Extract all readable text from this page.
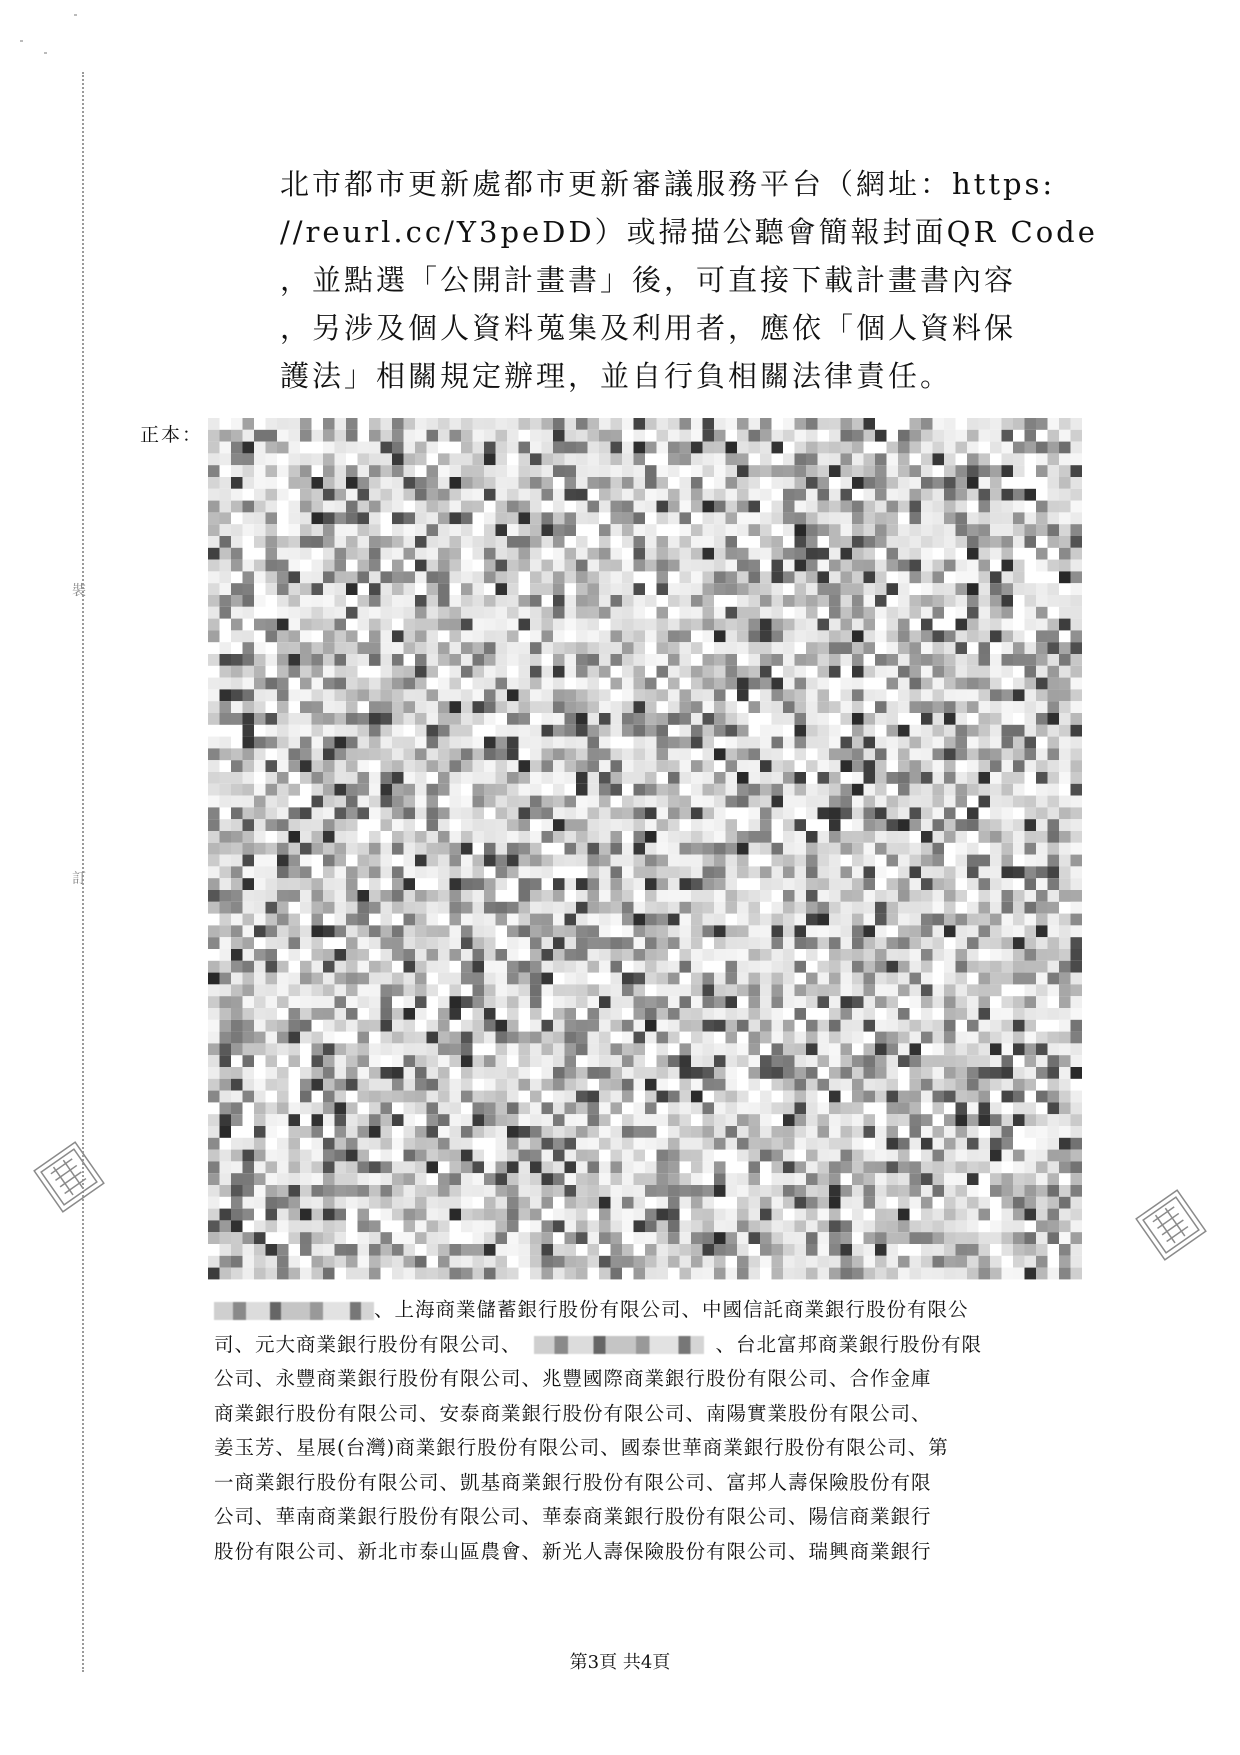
裝
訂
北市都市更新處都市更新審議服務平台（網址：https:
//reurl.cc/Y3peDD）或掃描公聽會簡報封面QR Code
，並點選「公開計畫書」後，可直接下載計畫書內容
，另涉及個人資料蒐集及利用者，應依「個人資料保
護法」相關規定辦理，並自行負相關法律責任。
正本：
、上海商業儲蓄銀行股份有限公司、中國信託商業銀行股份有限公
司、元大商業銀行股份有限公司、	、台北富邦商業銀行股份有限
公司、永豐商業銀行股份有限公司、兆豐國際商業銀行股份有限公司、合作金庫
商業銀行股份有限公司、安泰商業銀行股份有限公司、南陽實業股份有限公司、
姜玉芳、星展(台灣)商業銀行股份有限公司、國泰世華商業銀行股份有限公司、第
一商業銀行股份有限公司、凱基商業銀行股份有限公司、富邦人壽保險股份有限
公司、華南商業銀行股份有限公司、華泰商業銀行股份有限公司、陽信商業銀行
股份有限公司、新北市泰山區農會、新光人壽保險股份有限公司、瑞興商業銀行
第3頁 共4頁
